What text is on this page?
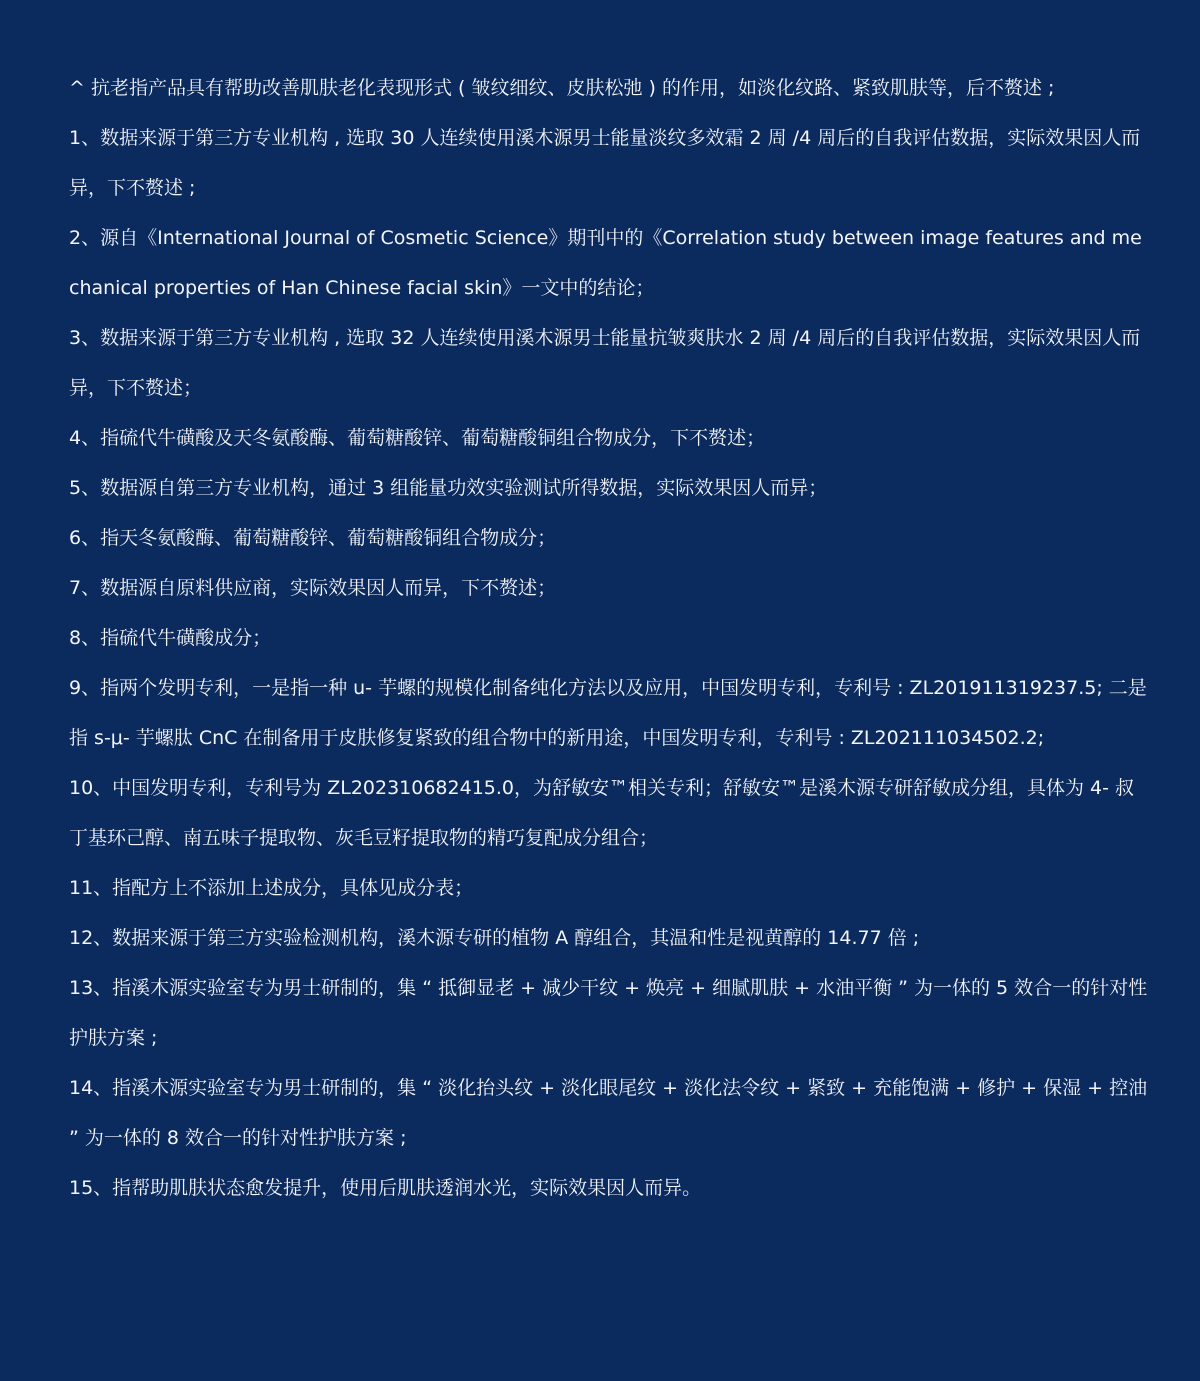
^ 抗老指产品具有帮助改善肌肤老化表现形式 ( 皱纹细纹、皮肤松弛 ) 的作用，如淡化纹路、紧致肌肤等，后不赘述 ;
1、数据来源于第三方专业机构 , 选取 30 人连续使用溪木源男士能量淡纹多效霜 2 周 /4 周后的自我评估数据，实际效果因人而异，下不赘述 ;
2、源自《International Journal of Cosmetic Science》期刊中的《Correlation study between image features and mechanical properties of Han Chinese facial skin》一文中的结论；
3、数据来源于第三方专业机构 , 选取 32 人连续使用溪木源男士能量抗皱爽肤水 2 周 /4 周后的自我评估数据，实际效果因人而异，下不赘述；
4、指硫代牛磺酸及天冬氨酸酶、葡萄糖酸锌、葡萄糖酸铜组合物成分，下不赘述；
5、数据源自第三方专业机构，通过 3 组能量功效实验测试所得数据，实际效果因人而异；
6、指天冬氨酸酶、葡萄糖酸锌、葡萄糖酸铜组合物成分；
7、数据源自原料供应商，实际效果因人而异，下不赘述；
8、指硫代牛磺酸成分；
9、指两个发明专利，一是指一种 u- 芋螺的规模化制备纯化方法以及应用，中国发明专利，专利号 : ZL201911319237.5; 二是指 s-μ- 芋螺肽 CnC 在制备用于皮肤修复紧致的组合物中的新用途，中国发明专利，专利号 : ZL202111034502.2;
10、中国发明专利，专利号为 ZL202310682415.0，为舒敏安™相关专利；舒敏安™是溪木源专研舒敏成分组，具体为 4- 叔丁基环己醇、南五味子提取物、灰毛豆籽提取物的精巧复配成分组合；
11、指配方上不添加上述成分，具体见成分表；
12、数据来源于第三方实验检测机构，溪木源专研的植物 A 醇组合，其温和性是视黄醇的 14.77 倍 ;
13、指溪木源实验室专为男士研制的，集 “ 抵御显老 + 减少干纹 + 焕亮 + 细腻肌肤 + 水油平衡 ” 为一体的 5 效合一的针对性护肤方案 ;
14、指溪木源实验室专为男士研制的，集 “ 淡化抬头纹 + 淡化眼尾纹 + 淡化法令纹 + 紧致 + 充能饱满 + 修护 + 保湿 + 控油 ” 为一体的 8 效合一的针对性护肤方案 ;
15、指帮助肌肤状态愈发提升，使用后肌肤透润水光，实际效果因人而异。
